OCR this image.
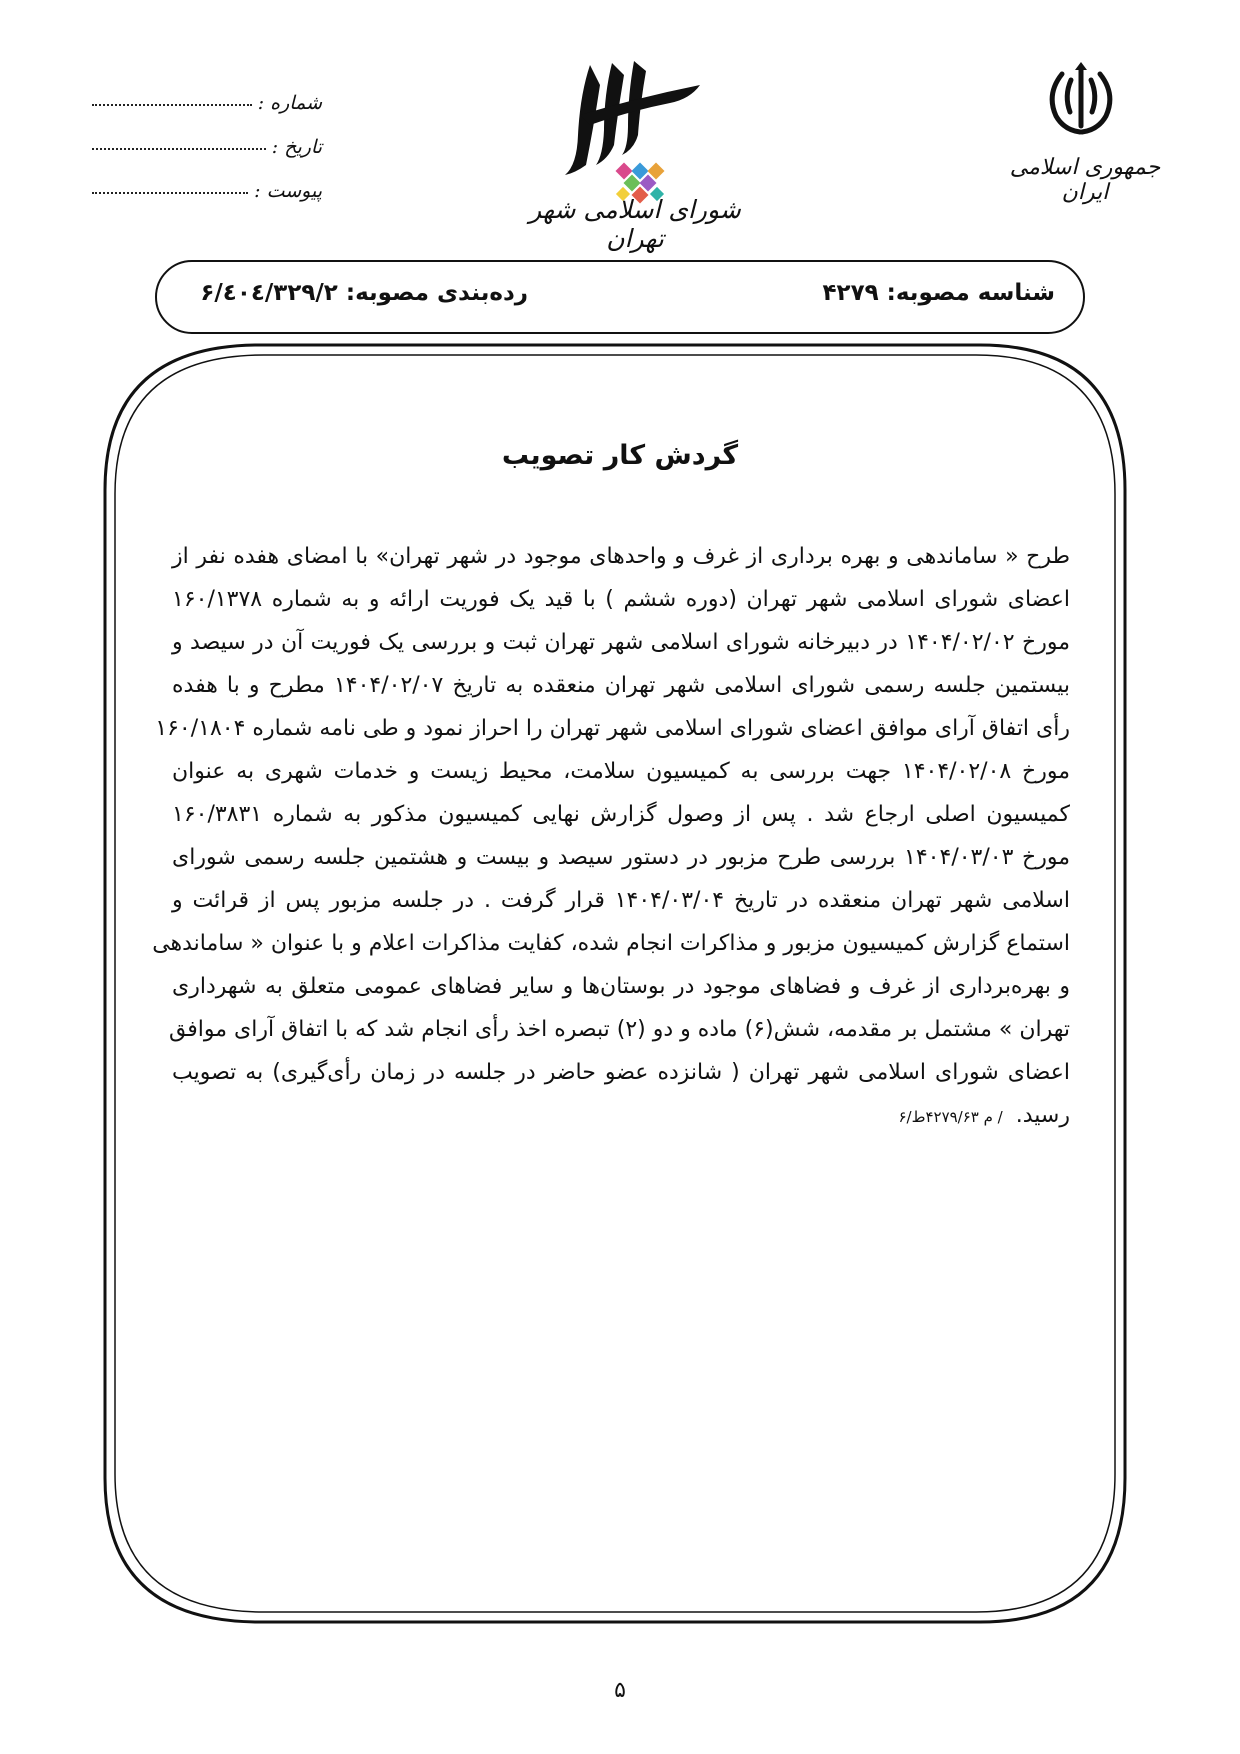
شماره :
تاریخ :
پیوست :
شورای اسلامی شهر تهران
جمهوری اسلامی ایران
شناسه مصوبه: ۴۲۷۹
رده‌بندی مصوبه: ۶/٤٠٤/٣٢٩/٢
گردش کار تصویب
طرح « ساماندهی و بهره برداری از غرف و واحدهای موجود در شهر تهران» با امضای هفده نفر از
اعضای شورای اسلامی شهر تهران (دوره ششم ) با قید یک فوریت ارائه و به شماره ۱۶۰/۱۳۷۸
مورخ ۱۴۰۴/۰۲/۰۲ در دبیرخانه شورای اسلامی شهر تهران ثبت و بررسی یک فوریت آن در سیصد و
بیستمین جلسه رسمی شورای اسلامی شهر تهران منعقده به تاریخ ۱۴۰۴/۰۲/۰۷ مطرح و با هفده
رأی اتفاق آرای موافق اعضای شورای اسلامی شهر تهران را احراز نمود و طی نامه شماره ۱۶۰/۱۸۰۴
مورخ ۱۴۰۴/۰۲/۰۸ جهت بررسی به کمیسیون سلامت، محیط زیست و خدمات شهری به عنوان
کمیسیون اصلی ارجاع شد . پس از وصول گزارش نهایی کمیسیون مذکور به شماره ۱۶۰/۳۸۳۱
مورخ ۱۴۰۴/۰۳/۰۳ بررسی طرح مزبور در دستور سیصد و بیست و هشتمین جلسه رسمی شورای
اسلامی شهر تهران منعقده در تاریخ ۱۴۰۴/۰۳/۰۴ قرار گرفت . در جلسه مزبور پس از قرائت و
استماع گزارش کمیسیون مزبور و مذاکرات انجام شده، کفایت مذاکرات اعلام و با عنوان « ساماندهی
و بهره‌برداری از غرف و فضاهای موجود در بوستان‌ها و سایر فضاهای عمومی متعلق به شهرداری
تهران » مشتمل بر مقدمه، شش(۶) ماده و دو (۲) تبصره اخذ رأی انجام شد که با اتفاق آرای موافق
اعضای شورای اسلامی شهر تهران ( شانزده عضو حاضر در جلسه در زمان رأی‌گیری) به تصویب
رسید. / م ۴۲۷۹/۶۳ط/۶
۵
